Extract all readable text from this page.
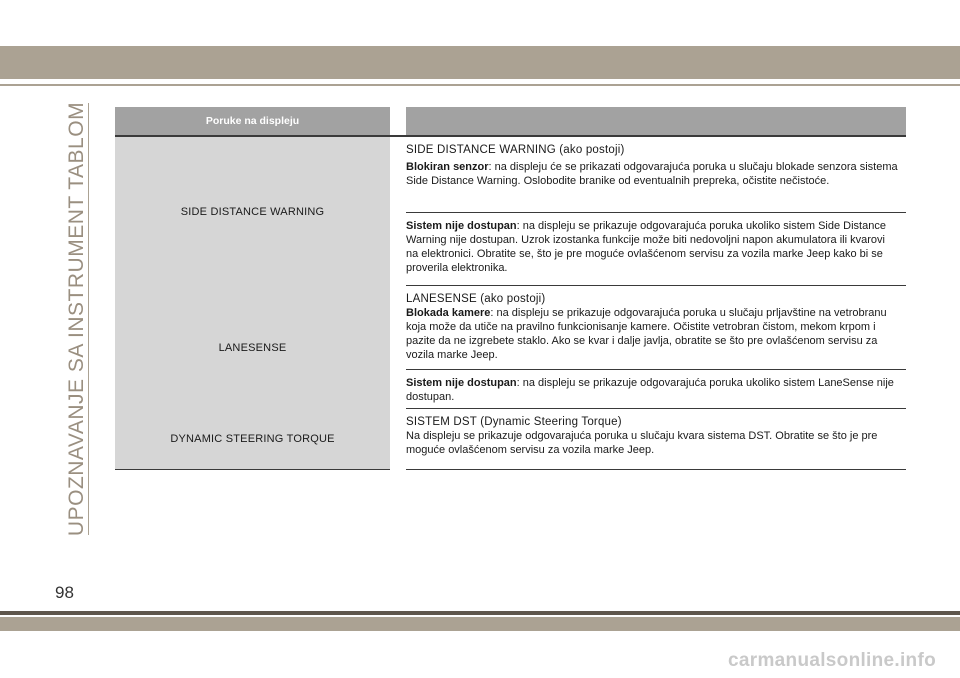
UPOZNAVANJE SA INSTRUMENT TABLOM	Poruke na displeju
SIDE DISTANCE WARNING
SIDE DISTANCE WARNING (ako postoji)
Blokiran senzor: na displeju će se prikazati odgovarajuća poruka u slučaju blokade senzora sistema Side Distance Warning. Oslobodite branike od eventualnih prepreka, očistite nečistoće.
Sistem nije dostupan: na displeju se prikazuje odgovarajuća poruka ukoliko sistem Side Distance Warning nije dostupan. Uzrok izostanka funkcije može biti nedovoljni napon akumulatora ili kvarovi na elektronici. Obratite se, što je pre moguće ovlašćenom servisu za vozila marke Jeep kako bi se proverila elektronika.
LANESENSE
LANESENSE (ako postoji)
Blokada kamere: na displeju se prikazuje odgovarajuća poruka u slučaju prljavštine na vetrobranu koja može da utiče na pravilno funkcionisanje kamere. Očistite vetrobran čistom, mekom krpom i pazite da ne izgrebete staklo. Ako se kvar i dalje javlja, obratite se što pre ovlašćenom servisu za vozila marke Jeep.
Sistem nije dostupan: na displeju se prikazuje odgovarajuća poruka ukoliko sistem LaneSense nije dostupan.
DYNAMIC STEERING TORQUE
SISTEM DST (Dynamic Steering Torque)
Na displeju se prikazuje odgovarajuća poruka u slučaju kvara sistema DST. Obratite se što je pre moguće ovlašćenom servisu za vozila marke Jeep.
98
carmanualsonline.info
